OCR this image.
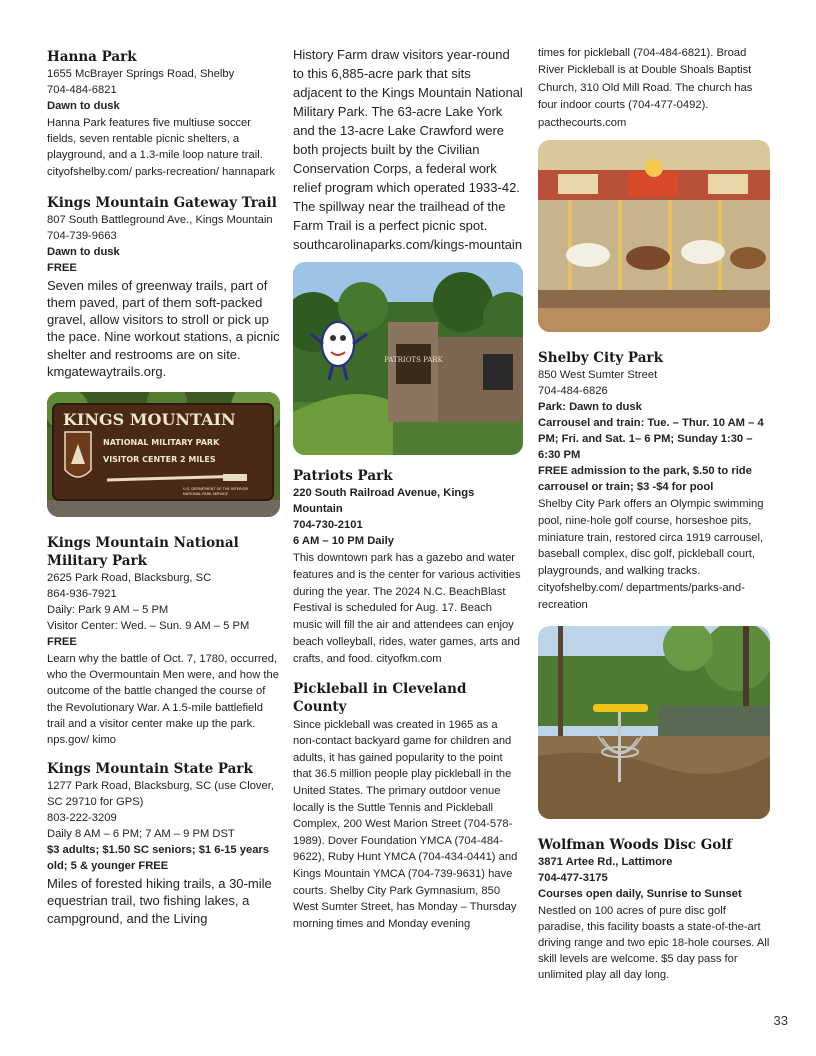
Hanna Park
1655 McBrayer Springs Road, Shelby
704-484-6821
Dawn to dusk
Hanna Park features five multiuse soccer fields, seven rentable picnic shelters, a playground, and a 1.3-mile loop nature trail. cityofshelby.com/ parks-recreation/ hannapark
Kings Mountain Gateway Trail
807 South Battleground Ave., Kings Mountain
704-739-9663
Dawn to dusk
FREE
Seven miles of greenway trails, part of them paved, part of them soft-packed gravel, allow visitors to stroll or pick up the pace. Nine workout stations, a picnic shelter and restrooms are on site. kmgatewaytrails.org.
KINGS MOUNTAIN
NATIONAL MILITARY PARK
VISITOR CENTER 2 MILES
U.S. DEPARTMENT OF THE INTERIOR
NATIONAL PARK SERVICE
Kings Mountain National Military Park
2625 Park Road, Blacksburg, SC
864-936-7921
Daily: Park 9 AM – 5 PM
Visitor Center: Wed. – Sun. 9 AM – 5 PM
FREE
Learn why the battle of Oct. 7, 1780, occurred, who the Overmountain Men were, and how the outcome of the battle changed the course of the Revolutionary War. A 1.5-mile battlefield trail and a visitor center make up the park. nps.gov/ kimo
Kings Mountain State Park
1277 Park Road, Blacksburg, SC (use Clover, SC 29710 for GPS)
803-222-3209
Daily 8 AM – 6 PM; 7 AM – 9 PM DST
$3 adults; $1.50 SC seniors; $1 6-15 years old; 5 & younger FREE
Miles of forested hiking trails, a 30-mile equestrian trail, two fishing lakes, a campground, and the Living
History Farm draw visitors year-round to this 6,885-acre park that sits adjacent to the Kings Mountain National Military Park. The 63-acre Lake York and the 13-acre Lake Crawford were both projects built by the Civilian Conservation Corps, a federal work relief program which operated 1933-42. The spillway near the trailhead of the Farm Trail is a perfect picnic spot. southcarolinaparks.com/kings-mountain
PATRIOTS PARK
Patriots Park
220 South Railroad Avenue, Kings Mountain
704-730-2101
6 AM – 10 PM Daily
This downtown park has a gazebo and water features and is the center for various activities during the year. The 2024 N.C. BeachBlast Festival is scheduled for Aug. 17. Beach music will fill the air and attendees can enjoy beach volleyball, rides, water games, arts and crafts, and food. cityofkm.com
Pickleball in Cleveland County
Since pickleball was created in 1965 as a non-contact backyard game for children and adults, it has gained popularity to the point that 36.5 million people play pickleball in the United States. The primary outdoor venue locally is the Suttle Tennis and Pickleball Complex, 200 West Marion Street (704-578-1989). Dover Foundation YMCA (704-484-9622), Ruby Hunt YMCA (704-434-0441) and Kings Mountain YMCA (704-739-9631) have courts. Shelby City Park Gymnasium, 850 West Sumter Street, has Monday – Thursday morning times and Monday evening
times for pickleball (704-484-6821). Broad River Pickleball is at Double Shoals Baptist Church, 310 Old Mill Road. The church has four indoor courts (704-477-0492). pacthecourts.com
Shelby City Park
850 West Sumter Street
704-484-6826
Park: Dawn to dusk
Carrousel and train: Tue. – Thur. 10 AM – 4 PM; Fri. and Sat. 1– 6 PM; Sunday 1:30 – 6:30 PM
FREE admission to the park, $.50 to ride carrousel or train; $3 -$4 for pool
Shelby City Park offers an Olympic swimming pool, nine-hole golf course, horseshoe pits, miniature train, restored circa 1919 carrousel, baseball complex, disc golf, pickleball court, playgrounds, and walking tracks. cityofshelby.com/ departments/parks-and-recreation
Wolfman Woods Disc Golf
3871 Artee Rd., Lattimore
704-477-3175
Courses open daily, Sunrise to Sunset
Nestled on 100 acres of pure disc golf paradise, this facility boasts a state-of-the-art driving range and two epic 18-hole courses. All skill levels are welcome. $5 day pass for unlimited play all day long.
33
